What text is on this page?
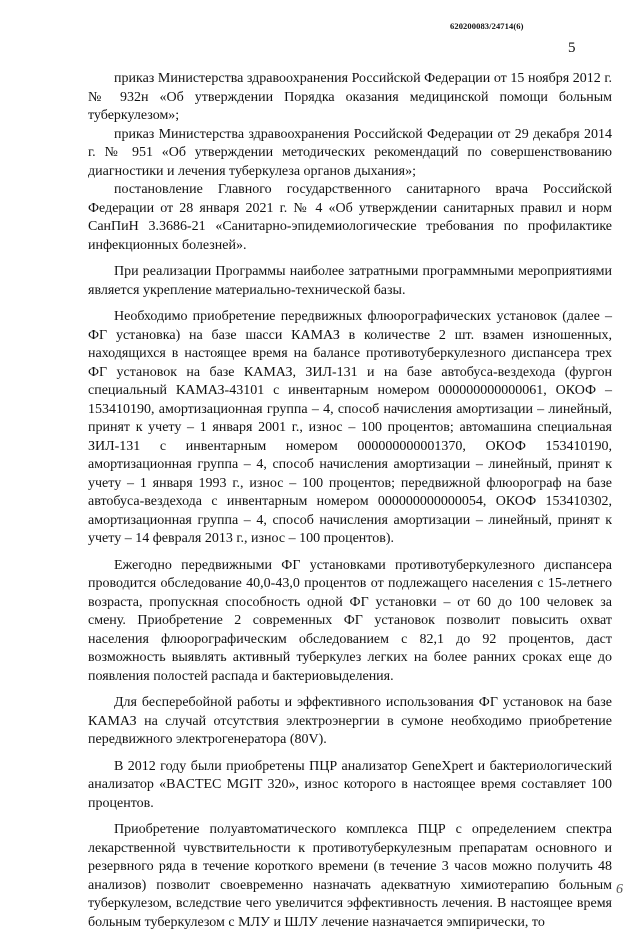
620200083/24714(6)
5

приказ Министерства здравоохранения Российской Федерации от 15 ноября 2012 г. № 932н «Об утверждении Порядка оказания медицинской помощи больным туберкулезом»;

приказ Министерства здравоохранения Российской Федерации от 29 декабря 2014 г. № 951 «Об утверждении методических рекомендаций по совершенствованию диагностики и лечения туберкулеза органов дыхания»;

постановление Главного государственного санитарного врача Российской Федерации от 28 января 2021 г. № 4 «Об утверждении санитарных правил и норм СанПиН 3.3686-21 «Санитарно-эпидемиологические требования по профилактике инфекционных болезней».

При реализации Программы наиболее затратными программными мероприятиями является укрепление материально-технической базы.

Необходимо приобретение передвижных флюорографических установок (далее – ФГ установка) на базе шасси КАМАЗ в количестве 2 шт. взамен изношенных, находящихся в настоящее время на балансе противотуберкулезного диспансера трех ФГ установок на базе КАМАЗ, ЗИЛ-131 и на базе автобуса-вездехода (фургон специальный КАМАЗ-43101 с инвентарным номером 000000000000061, ОКОФ – 153410190, амортизационная группа – 4, способ начисления амортизации – линейный, принят к учету – 1 января 2001 г., износ – 100 процентов; автомашина специальная ЗИЛ-131 с инвентарным номером 000000000001370, ОКОФ 153410190, амортизационная группа – 4, способ начисления амортизации – линейный, принят к учету – 1 января 1993 г., износ – 100 процентов; передвижной флюорограф на базе автобуса-вездехода с инвентарным номером 000000000000054, ОКОФ 153410302, амортизационная группа – 4, способ начисления амортизации – линейный, принят к учету – 14 февраля 2013 г., износ – 100 процентов).

Ежегодно передвижными ФГ установками противотуберкулезного диспансера проводится обследование 40,0-43,0 процентов от подлежащего населения с 15-летнего возраста, пропускная способность одной ФГ установки – от 60 до 100 человек за смену. Приобретение 2 современных ФГ установок позволит повысить охват населения флюорографическим обследованием с 82,1 до 92 процентов, даст возможность выявлять активный туберкулез легких на более ранних сроках еще до появления полостей распада и бактериовыделения.

Для бесперебойной работы и эффективного использования ФГ установок на базе КАМАЗ на случай отсутствия электроэнергии в сумоне необходимо приобретение передвижного электрогенератора (80V).

В 2012 году были приобретены ПЦР анализатор GeneXpert и бактериологический анализатор «BACTEC MGIT 320», износ которого в настоящее время составляет 100 процентов.

Приобретение полуавтоматического комплекса ПЦР с определением спектра лекарственной чувствительности к противотуберкулезным препаратам основного и резервного ряда в течение короткого времени (в течение 3 часов можно получить 48 анализов) позволит своевременно назначать адекватную химиотерапию больным туберкулезом, вследствие чего увеличится эффективность лечения. В настоящее время больным туберкулезом с МЛУ и ШЛУ лечение назначается эмпирически, то

6
